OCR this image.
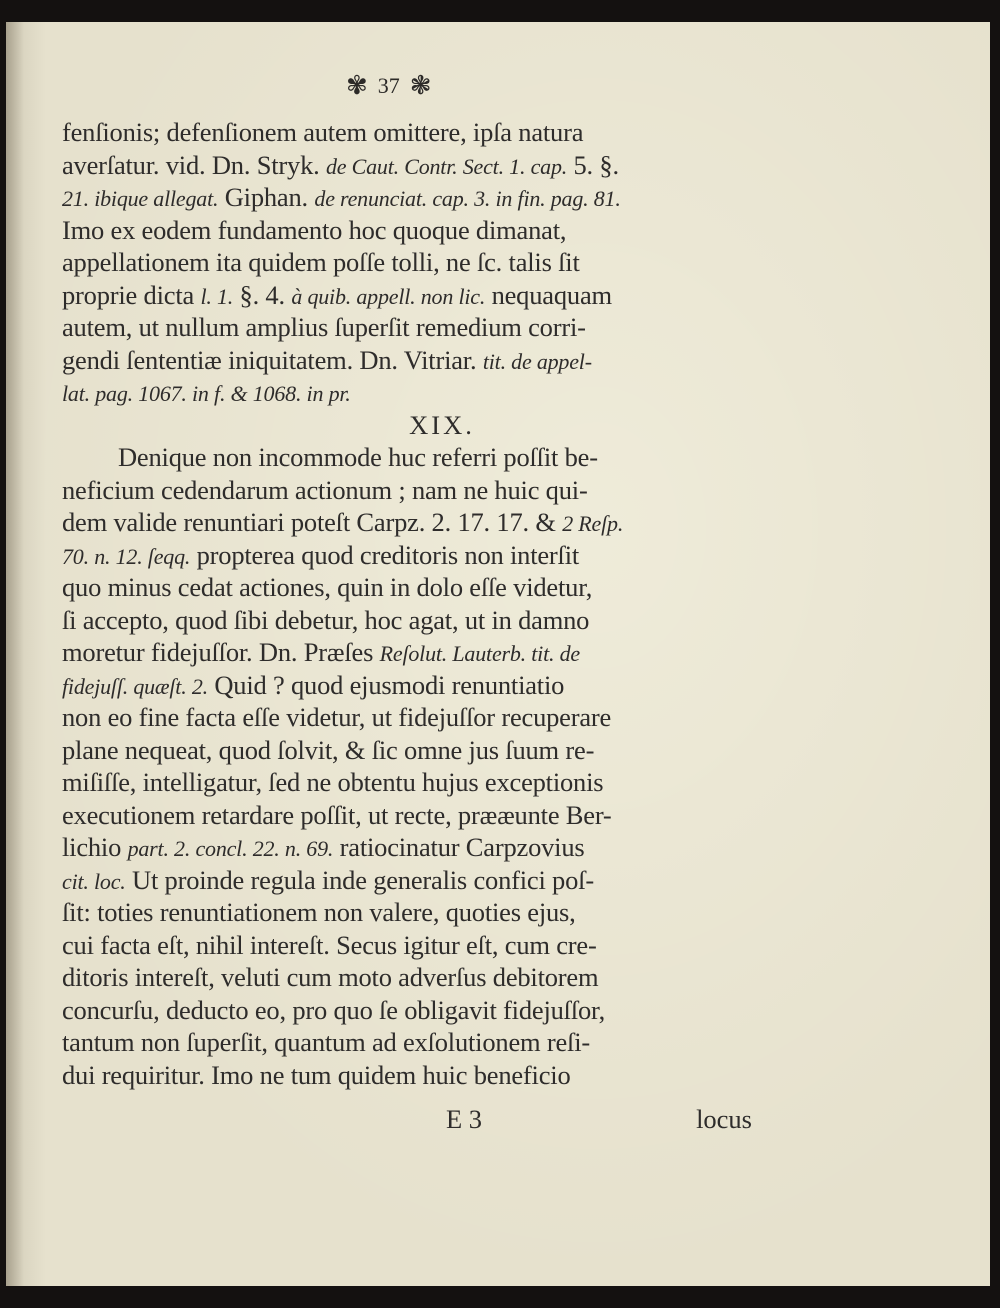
✾ 37 ❃
fenſionis; defenſionem autem omittere, ipſa natura
averſatur. vid. Dn. Stryk. de Caut. Contr. Sect. 1. cap. 5. §.
21. ibique allegat. Giphan. de renunciat. cap. 3. in fin. pag. 81.
Imo ex eodem fundamento hoc quoque dimanat,
appellationem ita quidem poſſe tolli, ne ſc. talis ſit
proprie dicta l. 1. §. 4. à quib. appell. non lic. nequaquam
autem, ut nullum amplius ſuperſit remedium corri-
gendi ſententiæ iniquitatem. Dn. Vitriar. tit. de appel-
lat. pag. 1067. in f. & 1068. in pr.
XIX.
Denique non incommode huc referri poſſit be-
neficium cedendarum actionum ; nam ne huic qui-
dem valide renuntiari poteſt Carpz. 2. 17. 17. & 2 Reſp.
70. n. 12. ſeqq. propterea quod creditoris non interſit
quo minus cedat actiones, quin in dolo eſſe videtur,
ſi accepto, quod ſibi debetur, hoc agat, ut in damno
moretur fidejuſſor. Dn. Præſes Reſolut. Lauterb. tit. de
fidejuſſ. quæſt. 2. Quid ? quod ejusmodi renuntiatio
non eo fine facta eſſe videtur, ut fidejuſſor recuperare
plane nequeat, quod ſolvit, & ſic omne jus ſuum re-
miſiſſe, intelligatur, ſed ne obtentu hujus exceptionis
executionem retardare poſſit, ut recte, prææunte Ber-
lichio part. 2. concl. 22. n. 69. ratiocinatur Carpzovius
cit. loc. Ut proinde regula inde generalis confici poſ-
ſit: toties renuntiationem non valere, quoties ejus,
cui facta eſt, nihil intereſt. Secus igitur eſt, cum cre-
ditoris intereſt, veluti cum moto adverſus debitorem
concurſu, deducto eo, pro quo ſe obligavit fidejuſſor,
tantum non ſuperſit, quantum ad exſolutionem reſi-
dui requiritur. Imo ne tum quidem huic beneficio
E 3	locus
